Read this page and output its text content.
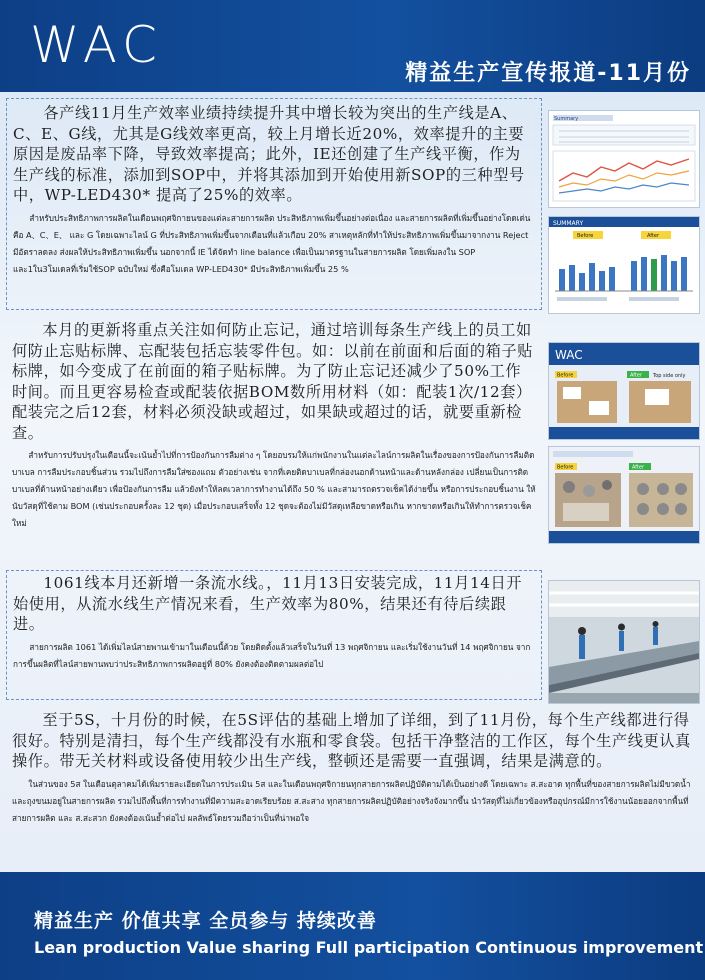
WAC	精益生产宣传报道-11月份

各产线11月生产效率业绩持续提升其中增长较为突出的生产线是A、C、E、G线，尤其是G线效率更高，较上月增长近20%，效率提升的主要原因是废品率下降，导致效率提高；此外，IE还创建了生产线平衡，作为生产线的标准，添加到SOP中，并将其添加到开始使用新SOP的三种型号中，WP-LED430* 提高了25%的效率。

สำหรับประสิทธิภาพการผลิตในเดือนพฤศจิกายนของแต่ละสายการผลิต ประสิทธิภาพเพิ่มขึ้นอย่างต่อเนื่อง และสายการผลิตที่เพิ่มขึ้นอย่างโดดเด่นคือ A、C、E、 และ G โดยเฉพาะไลน์ G ที่ประสิทธิภาพเพิ่มขึ้นจากเดือนที่แล้วเกือบ 20% สาเหตุหลักที่ทำให้ประสิทธิภาพเพิ่มขึ้นมาจากงาน Reject มีอัตราลดลง ส่งผลให้ประสิทธิภาพเพิ่มขึ้น นอกจากนี้ IE ได้จัดทำ line balance เพื่อเป็นมาตรฐานในสายการผลิต โดยเพิ่มลงใน SOP และ1ใน3โมเดลที่เริ่มใช้SOP ฉบับใหม่ ซึ่งคือโมเดล WP-LED430* มีประสิทธิภาพเพิ่มขึ้น 25 %

Summary
SUMMARY
Before	After

本月的更新将重点关注如何防止忘记，通过培训每条生产线上的员工如何防止忘贴标牌、忘配装包括忘装零件包。如：以前在前面和后面的箱子贴标牌，如今变成了在前面的箱子贴标牌。为了防止忘记还减少了50%工作时间。而且更容易检查或配装依据BOM数所用材料（如：配装1次/12套）配装完之后12套，材料必须没缺或超过，如果缺或超过的话，就要重新检查。

สำหรับการปรับปรุงในเดือนนี้จะเน้นย้ำไปที่การป้องกันการลืมต่าง ๆ โดยอบรมให้แก่พนักงานในแต่ละไลน์การผลิตในเรื่องของการป้องกันการลืมติดบาเบล การลืมประกอบชิ้นส่วน รวมไปถึงการลืมใส่ซองแถม ตัวอย่างเช่น จากที่เคยติดบาเบลที่กล่องนอกด้านหน้าและด้านหลังกล่อง เปลี่ยนเป็นการติดบาเบลที่ด้านหน้าอย่างเดียว เพื่อป้องกันการลืม แล้วยังทำให้ลดเวลาการทำงานได้ถึง 50 % และสามารถตรวจเช็คได้ง่ายขึ้น หรือการประกอบชิ้นงาน ให้นับวัสดุที่ใช้ตาม BOM (เช่นประกอบครั้งละ 12 ชุด) เมื่อประกอบเสร็จทั้ง 12 ชุดจะต้องไม่มีวัสดุเหลือขาดหรือเกิน หากขาดหรือเกินให้ทำการตรวจเช็คใหม่

WAC
Before	After Top side only
Before	After

1061线本月还新增一条流水线。，11月13日安装完成，11月14日开始使用，从流水线生产情况来看，生产效率为80%，结果还有待后续跟进。

สายการผลิต 1061 ได้เพิ่มไลน์สายพานเข้ามาในเดือนนี้ด้วย โดยติดตั้งแล้วเสร็จในวันที่ 13 พฤศจิกายน และเริ่มใช้งานวันที่ 14 พฤศจิกายน จากการขึ้นผลิตที่ไลน์สายพานพบว่าประสิทธิภาพการผลิตอยู่ที่ 80% ยังคงต้องติดตามผลต่อไป

至于5S，十月份的时候，在5S评估的基础上增加了详细，到了11月份，每个生产线都进行得很好。特别是清扫，每个生产线都没有水瓶和零食袋。包括干净整洁的工作区，每个生产线更认真操作。带无关材料或设备使用较少出生产线，整顿还是需要一直强调，结果是满意的。

ในส่วนของ 5ส ในเดือนตุลาคมได้เพิ่มรายละเอียดในการประเมิน 5ส และในเดือนพฤศจิกายนทุกสายการผลิตปฏิบัติตามได้เป็นอย่างดี โดยเฉพาะ ส.สะอาด ทุกพื้นที่ของสายการผลิตไม่มีขวดน้ำและถุงขนมอยู่ในสายการผลิต รวมไปถึงพื้นที่การทำงานที่มีความสะอาดเรียบร้อย ส.สะสาง ทุกสายการผลิตปฏิบัติอย่างจริงจังมากขึ้น นำวัสดุที่ไม่เกี่ยวข้องหรืออุปกรณ์มีการใช้งานน้อยออกจากพื้นที่สายการผลิต และ ส.สะสวก ยังคงต้องเน้นย้ำต่อไป ผลลัพธ์โดยรวมถือว่าเป็นที่น่าพอใจ

精益生产 价值共享 全员参与 持续改善
Lean production Value sharing Full participation Continuous improvement
